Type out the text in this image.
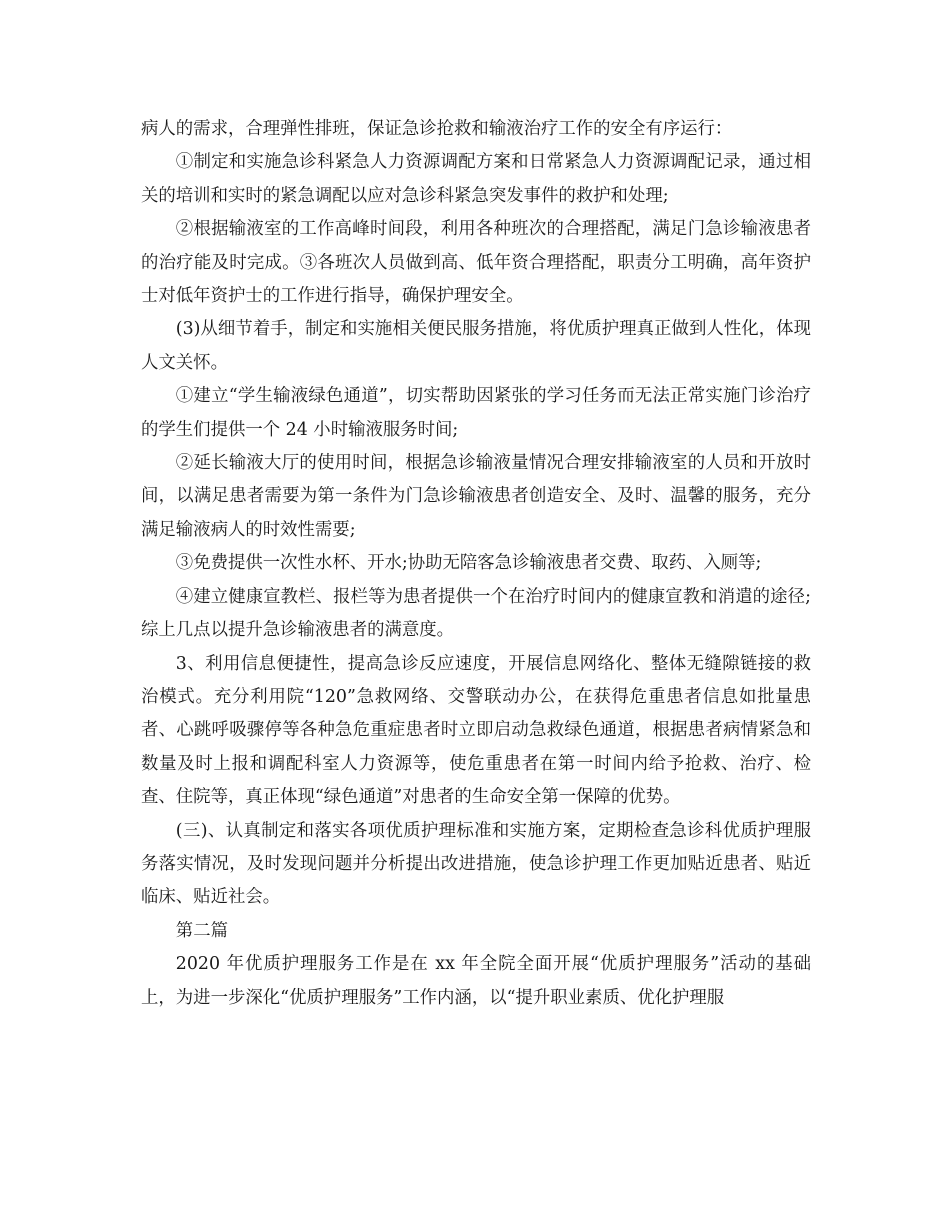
病人的需求，合理弹性排班，保证急诊抢救和输液治疗工作的安全有序运行：

①制定和实施急诊科紧急人力资源调配方案和日常紧急人力资源调配记录，通过相关的培训和实时的紧急调配以应对急诊科紧急突发事件的救护和处理;

②根据输液室的工作高峰时间段，利用各种班次的合理搭配，满足门急诊输液患者的治疗能及时完成。③各班次人员做到高、低年资合理搭配，职责分工明确，高年资护士对低年资护士的工作进行指导，确保护理安全。

(3)从细节着手，制定和实施相关便民服务措施，将优质护理真正做到人性化，体现人文关怀。

①建立“学生输液绿色通道”，切实帮助因紧张的学习任务而无法正常实施门诊治疗的学生们提供一个 24 小时输液服务时间;

②延长输液大厅的使用时间，根据急诊输液量情况合理安排输液室的人员和开放时间，以满足患者需要为第一条件为门急诊输液患者创造安全、及时、温馨的服务，充分满足输液病人的时效性需要;

③免费提供一次性水杯、开水;协助无陪客急诊输液患者交费、取药、入厕等;

④建立健康宣教栏、报栏等为患者提供一个在治疗时间内的健康宣教和消遣的途径;综上几点以提升急诊输液患者的满意度。

3、利用信息便捷性，提高急诊反应速度，开展信息网络化、整体无缝隙链接的救治模式。充分利用院“120”急救网络、交警联动办公，在获得危重患者信息如批量患者、心跳呼吸骤停等各种急危重症患者时立即启动急救绿色通道，根据患者病情紧急和数量及时上报和调配科室人力资源等，使危重患者在第一时间内给予抢救、治疗、检查、住院等，真正体现“绿色通道”对患者的生命安全第一保障的优势。

(三)、认真制定和落实各项优质护理标准和实施方案，定期检查急诊科优质护理服务落实情况，及时发现问题并分析提出改进措施，使急诊护理工作更加贴近患者、贴近临床、贴近社会。

第二篇

2020 年优质护理服务工作是在 xx 年全院全面开展“优质护理服务”活动的基础上，为进一步深化“优质护理服务”工作内涵，以“提升职业素质、优化护理服
